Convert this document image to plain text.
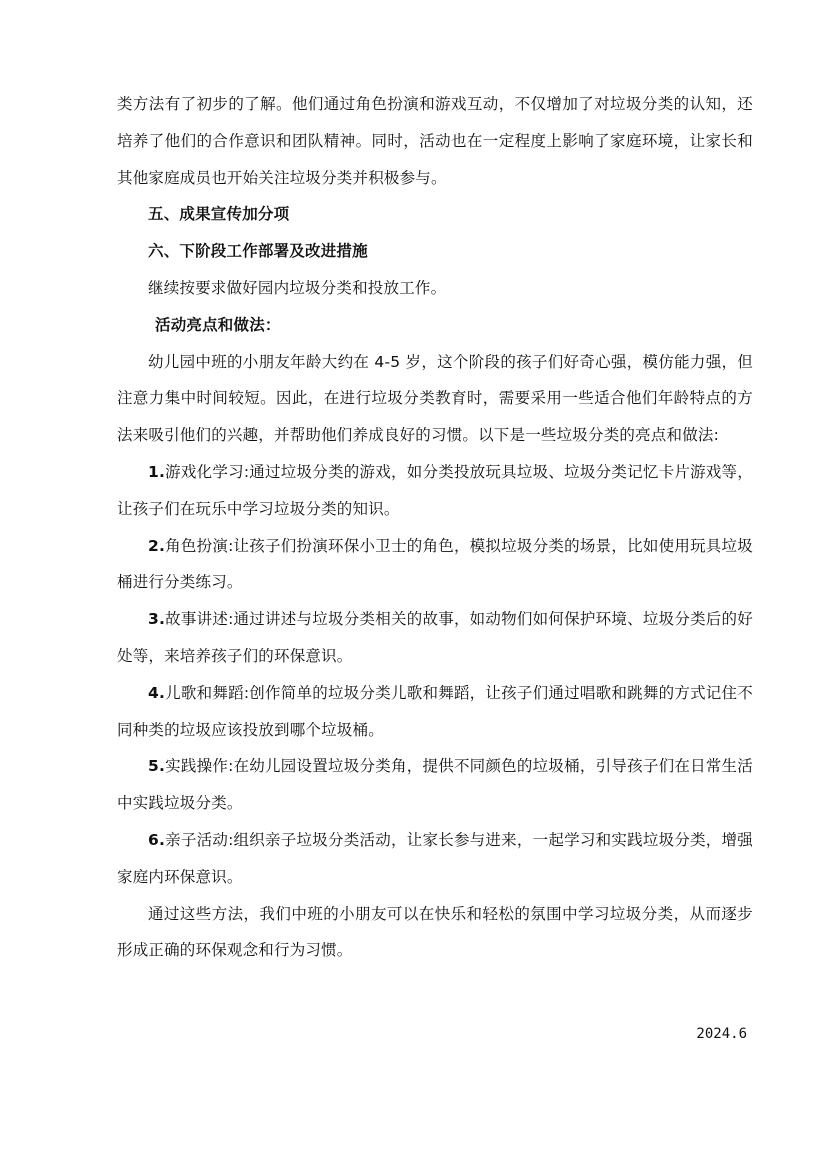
类方法有了初步的了解。他们通过角色扮演和游戏互动，不仅增加了对垃圾分类的认知，还培养了他们的合作意识和团队精神。同时，活动也在一定程度上影响了家庭环境，让家长和其他家庭成员也开始关注垃圾分类并积极参与。

五、成果宣传加分项

六、下阶段工作部署及改进措施

继续按要求做好园内垃圾分类和投放工作。

活动亮点和做法：

幼儿园中班的小朋友年龄大约在 4-5 岁，这个阶段的孩子们好奇心强，模仿能力强，但注意力集中时间较短。因此，在进行垃圾分类教育时，需要采用一些适合他们年龄特点的方法来吸引他们的兴趣，并帮助他们养成良好的习惯。以下是一些垃圾分类的亮点和做法:

1.游戏化学习:通过垃圾分类的游戏，如分类投放玩具垃圾、垃圾分类记忆卡片游戏等，让孩子们在玩乐中学习垃圾分类的知识。

2.角色扮演:让孩子们扮演环保小卫士的角色，模拟垃圾分类的场景，比如使用玩具垃圾桶进行分类练习。

3.故事讲述:通过讲述与垃圾分类相关的故事，如动物们如何保护环境、垃圾分类后的好处等，来培养孩子们的环保意识。

4.儿歌和舞蹈:创作简单的垃圾分类儿歌和舞蹈，让孩子们通过唱歌和跳舞的方式记住不同种类的垃圾应该投放到哪个垃圾桶。

5.实践操作:在幼儿园设置垃圾分类角，提供不同颜色的垃圾桶，引导孩子们在日常生活中实践垃圾分类。

6.亲子活动:组织亲子垃圾分类活动，让家长参与进来，一起学习和实践垃圾分类，增强家庭内环保意识。

通过这些方法，我们中班的小朋友可以在快乐和轻松的氛围中学习垃圾分类，从而逐步形成正确的环保观念和行为习惯。

2024.6
